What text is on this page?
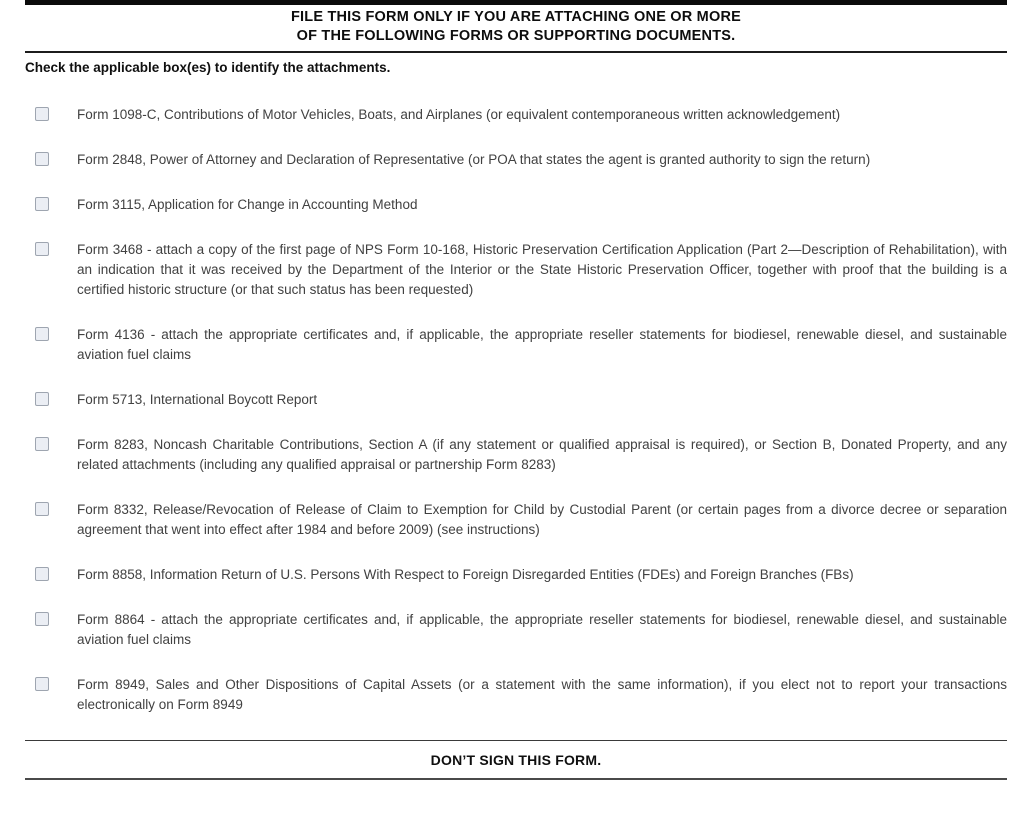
FILE THIS FORM ONLY IF YOU ARE ATTACHING ONE OR MORE
OF THE FOLLOWING FORMS OR SUPPORTING DOCUMENTS.
Check the applicable box(es) to identify the attachments.
Form 1098-C, Contributions of Motor Vehicles, Boats, and Airplanes (or equivalent contemporaneous written acknowledgement)
Form 2848, Power of Attorney and Declaration of Representative (or POA that states the agent is granted authority to sign the return)
Form 3115, Application for Change in Accounting Method
Form 3468 - attach a copy of the first page of NPS Form 10-168, Historic Preservation Certification Application (Part 2—Description of Rehabilitation), with an indication that it was received by the Department of the Interior or the State Historic Preservation Officer, together with proof that the building is a certified historic structure (or that such status has been requested)
Form 4136 - attach the appropriate certificates and, if applicable, the appropriate reseller statements for biodiesel, renewable diesel, and sustainable aviation fuel claims
Form 5713, International Boycott Report
Form 8283, Noncash Charitable Contributions, Section A (if any statement or qualified appraisal is required), or Section B, Donated Property, and any related attachments (including any qualified appraisal or partnership Form 8283)
Form 8332, Release/Revocation of Release of Claim to Exemption for Child by Custodial Parent (or certain pages from a divorce decree or separation agreement that went into effect after 1984 and before 2009) (see instructions)
Form 8858, Information Return of U.S. Persons With Respect to Foreign Disregarded Entities (FDEs) and Foreign Branches (FBs)
Form 8864 - attach the appropriate certificates and, if applicable, the appropriate reseller statements for biodiesel, renewable diesel, and sustainable aviation fuel claims
Form 8949, Sales and Other Dispositions of Capital Assets (or a statement with the same information), if you elect not to report your transactions electronically on Form 8949
DON’T SIGN THIS FORM.
